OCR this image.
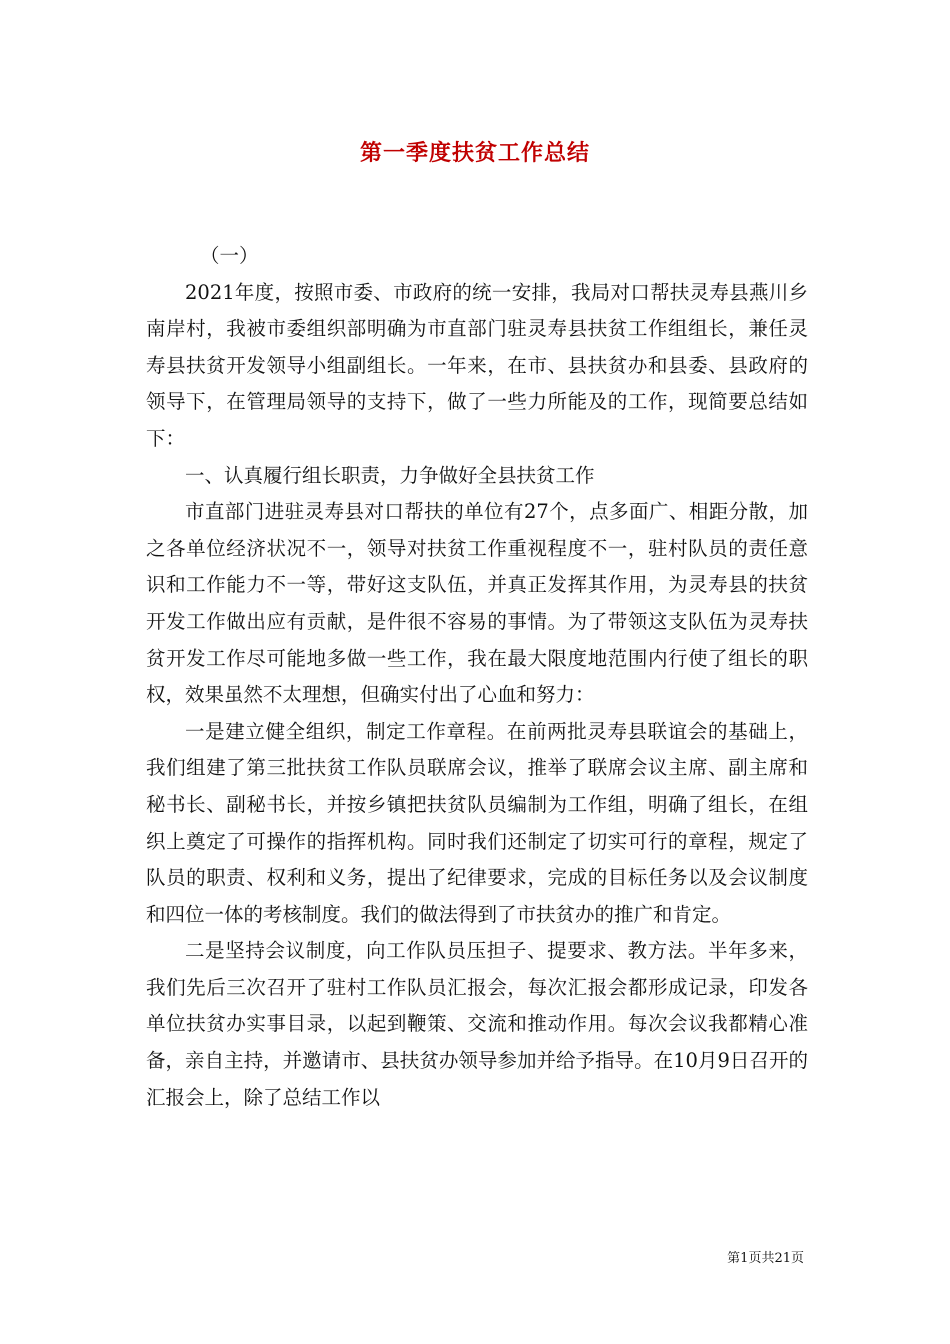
第一季度扶贫工作总结

（一）

2021年度，按照市委、市政府的统一安排，我局对口帮扶灵寿县燕川乡南岸村，我被市委组织部明确为市直部门驻灵寿县扶贫工作组组长，兼任灵寿县扶贫开发领导小组副组长。一年来，在市、县扶贫办和县委、县政府的领导下，在管理局领导的支持下，做了一些力所能及的工作，现简要总结如下：

一、认真履行组长职责，力争做好全县扶贫工作

市直部门进驻灵寿县对口帮扶的单位有27个，点多面广、相距分散，加之各单位经济状况不一，领导对扶贫工作重视程度不一，驻村队员的责任意识和工作能力不一等，带好这支队伍，并真正发挥其作用，为灵寿县的扶贫开发工作做出应有贡献，是件很不容易的事情。为了带领这支队伍为灵寿扶贫开发工作尽可能地多做一些工作，我在最大限度地范围内行使了组长的职权，效果虽然不太理想，但确实付出了心血和努力：

一是建立健全组织，制定工作章程。在前两批灵寿县联谊会的基础上，我们组建了第三批扶贫工作队员联席会议，推举了联席会议主席、副主席和秘书长、副秘书长，并按乡镇把扶贫队员编制为工作组，明确了组长，在组织上奠定了可操作的指挥机构。同时我们还制定了切实可行的章程，规定了队员的职责、权利和义务，提出了纪律要求，完成的目标任务以及会议制度和四位一体的考核制度。我们的做法得到了市扶贫办的推广和肯定。

二是坚持会议制度，向工作队员压担子、提要求、教方法。半年多来，我们先后三次召开了驻村工作队员汇报会，每次汇报会都形成记录，印发各单位扶贫办实事目录，以起到鞭策、交流和推动作用。每次会议我都精心准备，亲自主持，并邀请市、县扶贫办领导参加并给予指导。在10月9日召开的汇报会上，除了总结工作以

第1页共21页
